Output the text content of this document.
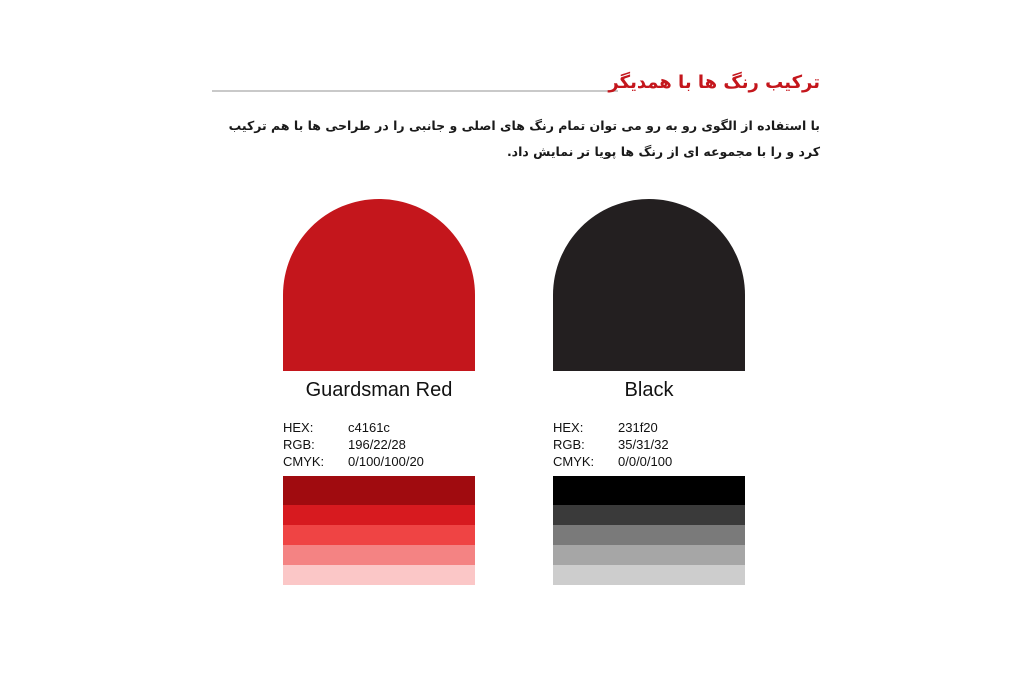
ترکیب رنگ ها با همدیگر
با استفاده از الگوی رو به رو می توان تمام رنگ های اصلی و جانبی را در طراحی ها با هم ترکیب کرد و را با مجموعه ای از رنگ ها پویا تر نمایش داد.
Guardsman Red
HEX:	c4161c
RGB:	196/22/28
CMYK:	0/100/100/20
Black
HEX:	231f20
RGB:	35/31/32
CMYK:	0/0/0/100
